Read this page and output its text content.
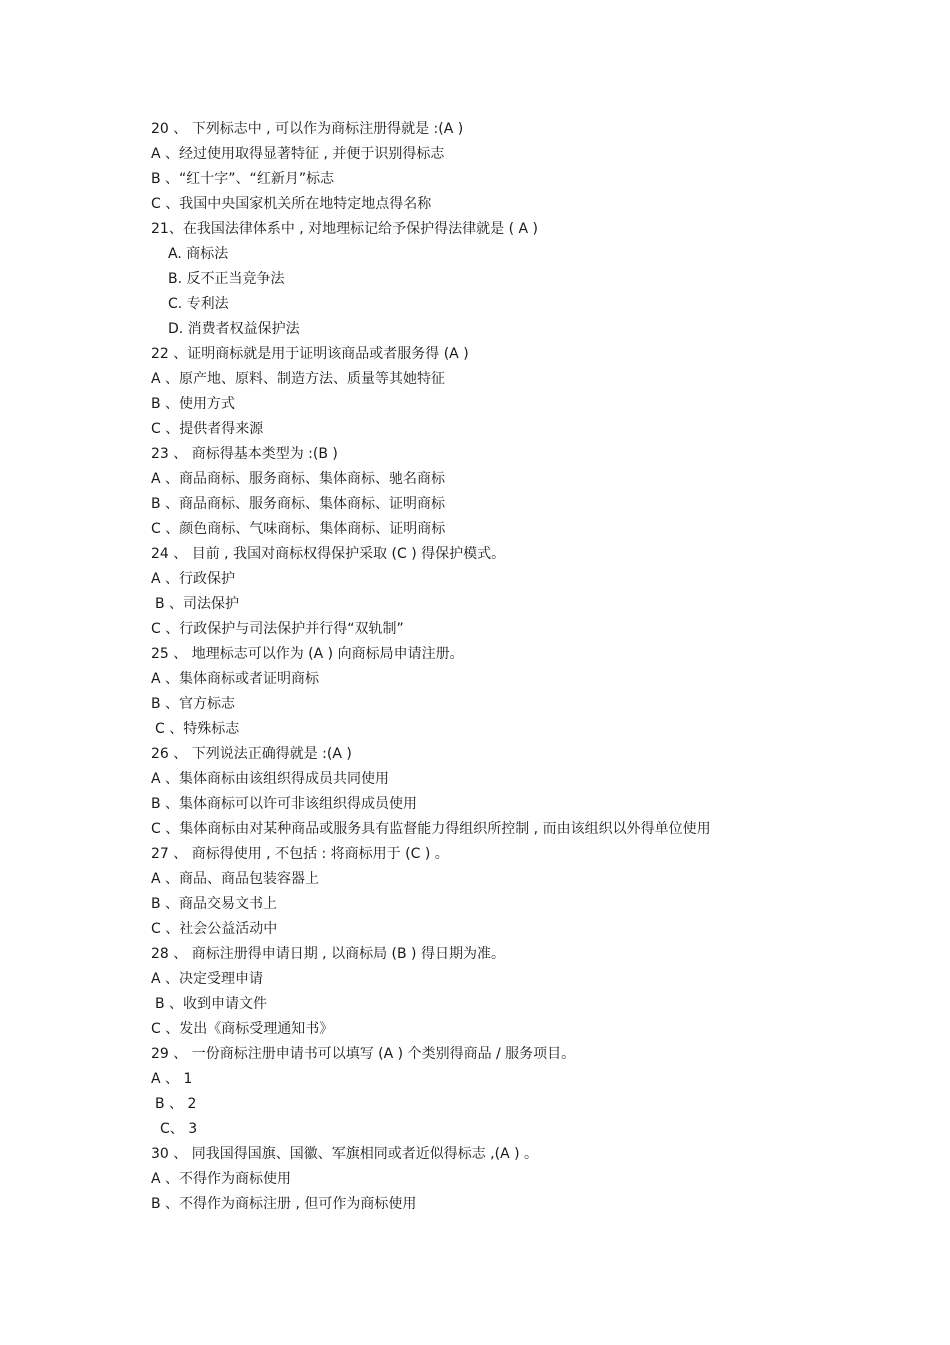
20 、 下列标志中 , 可以作为商标注册得就是 :(A )
A 、经过使用取得显著特征 , 并便于识别得标志
B 、“红十字”、“红新月”标志
C 、我国中央国家机关所在地特定地点得名称
21、在我国法律体系中 , 对地理标记给予保护得法律就是 ( A )
A. 商标法
B. 反不正当竞争法
C. 专利法
D. 消费者权益保护法
22 、证明商标就是用于证明该商品或者服务得 (A )
A 、原产地、原料、制造方法、质量等其她特征
B 、使用方式
C 、提供者得来源
23 、 商标得基本类型为 :(B )
A 、商品商标、服务商标、集体商标、驰名商标
B 、商品商标、服务商标、集体商标、证明商标
C 、颜色商标、气味商标、集体商标、证明商标
24 、 目前 , 我国对商标权得保护采取 (C ) 得保护模式。
A 、行政保护
B 、司法保护
C 、行政保护与司法保护并行得“双轨制”
25 、 地理标志可以作为 (A ) 向商标局申请注册。
A 、集体商标或者证明商标
B 、官方标志
C 、特殊标志
26 、 下列说法正确得就是 :(A )
A 、集体商标由该组织得成员共同使用
B 、集体商标可以许可非该组织得成员使用
C 、集体商标由对某种商品或服务具有监督能力得组织所控制 , 而由该组织以外得单位使用
27 、 商标得使用 , 不包括 : 将商标用于 (C ) 。
A 、商品、商品包装容器上
B 、商品交易文书上
C 、社会公益活动中
28 、 商标注册得申请日期 , 以商标局 (B ) 得日期为准。
A 、决定受理申请
B 、收到申请文件
C 、发出《商标受理通知书》
29 、 一份商标注册申请书可以填写 (A ) 个类别得商品 / 服务项目。
A 、 1
B 、 2
C、 3
30 、 同我国得国旗、国徽、军旗相同或者近似得标志 ,(A ) 。
A 、不得作为商标使用
B 、不得作为商标注册 , 但可作为商标使用
